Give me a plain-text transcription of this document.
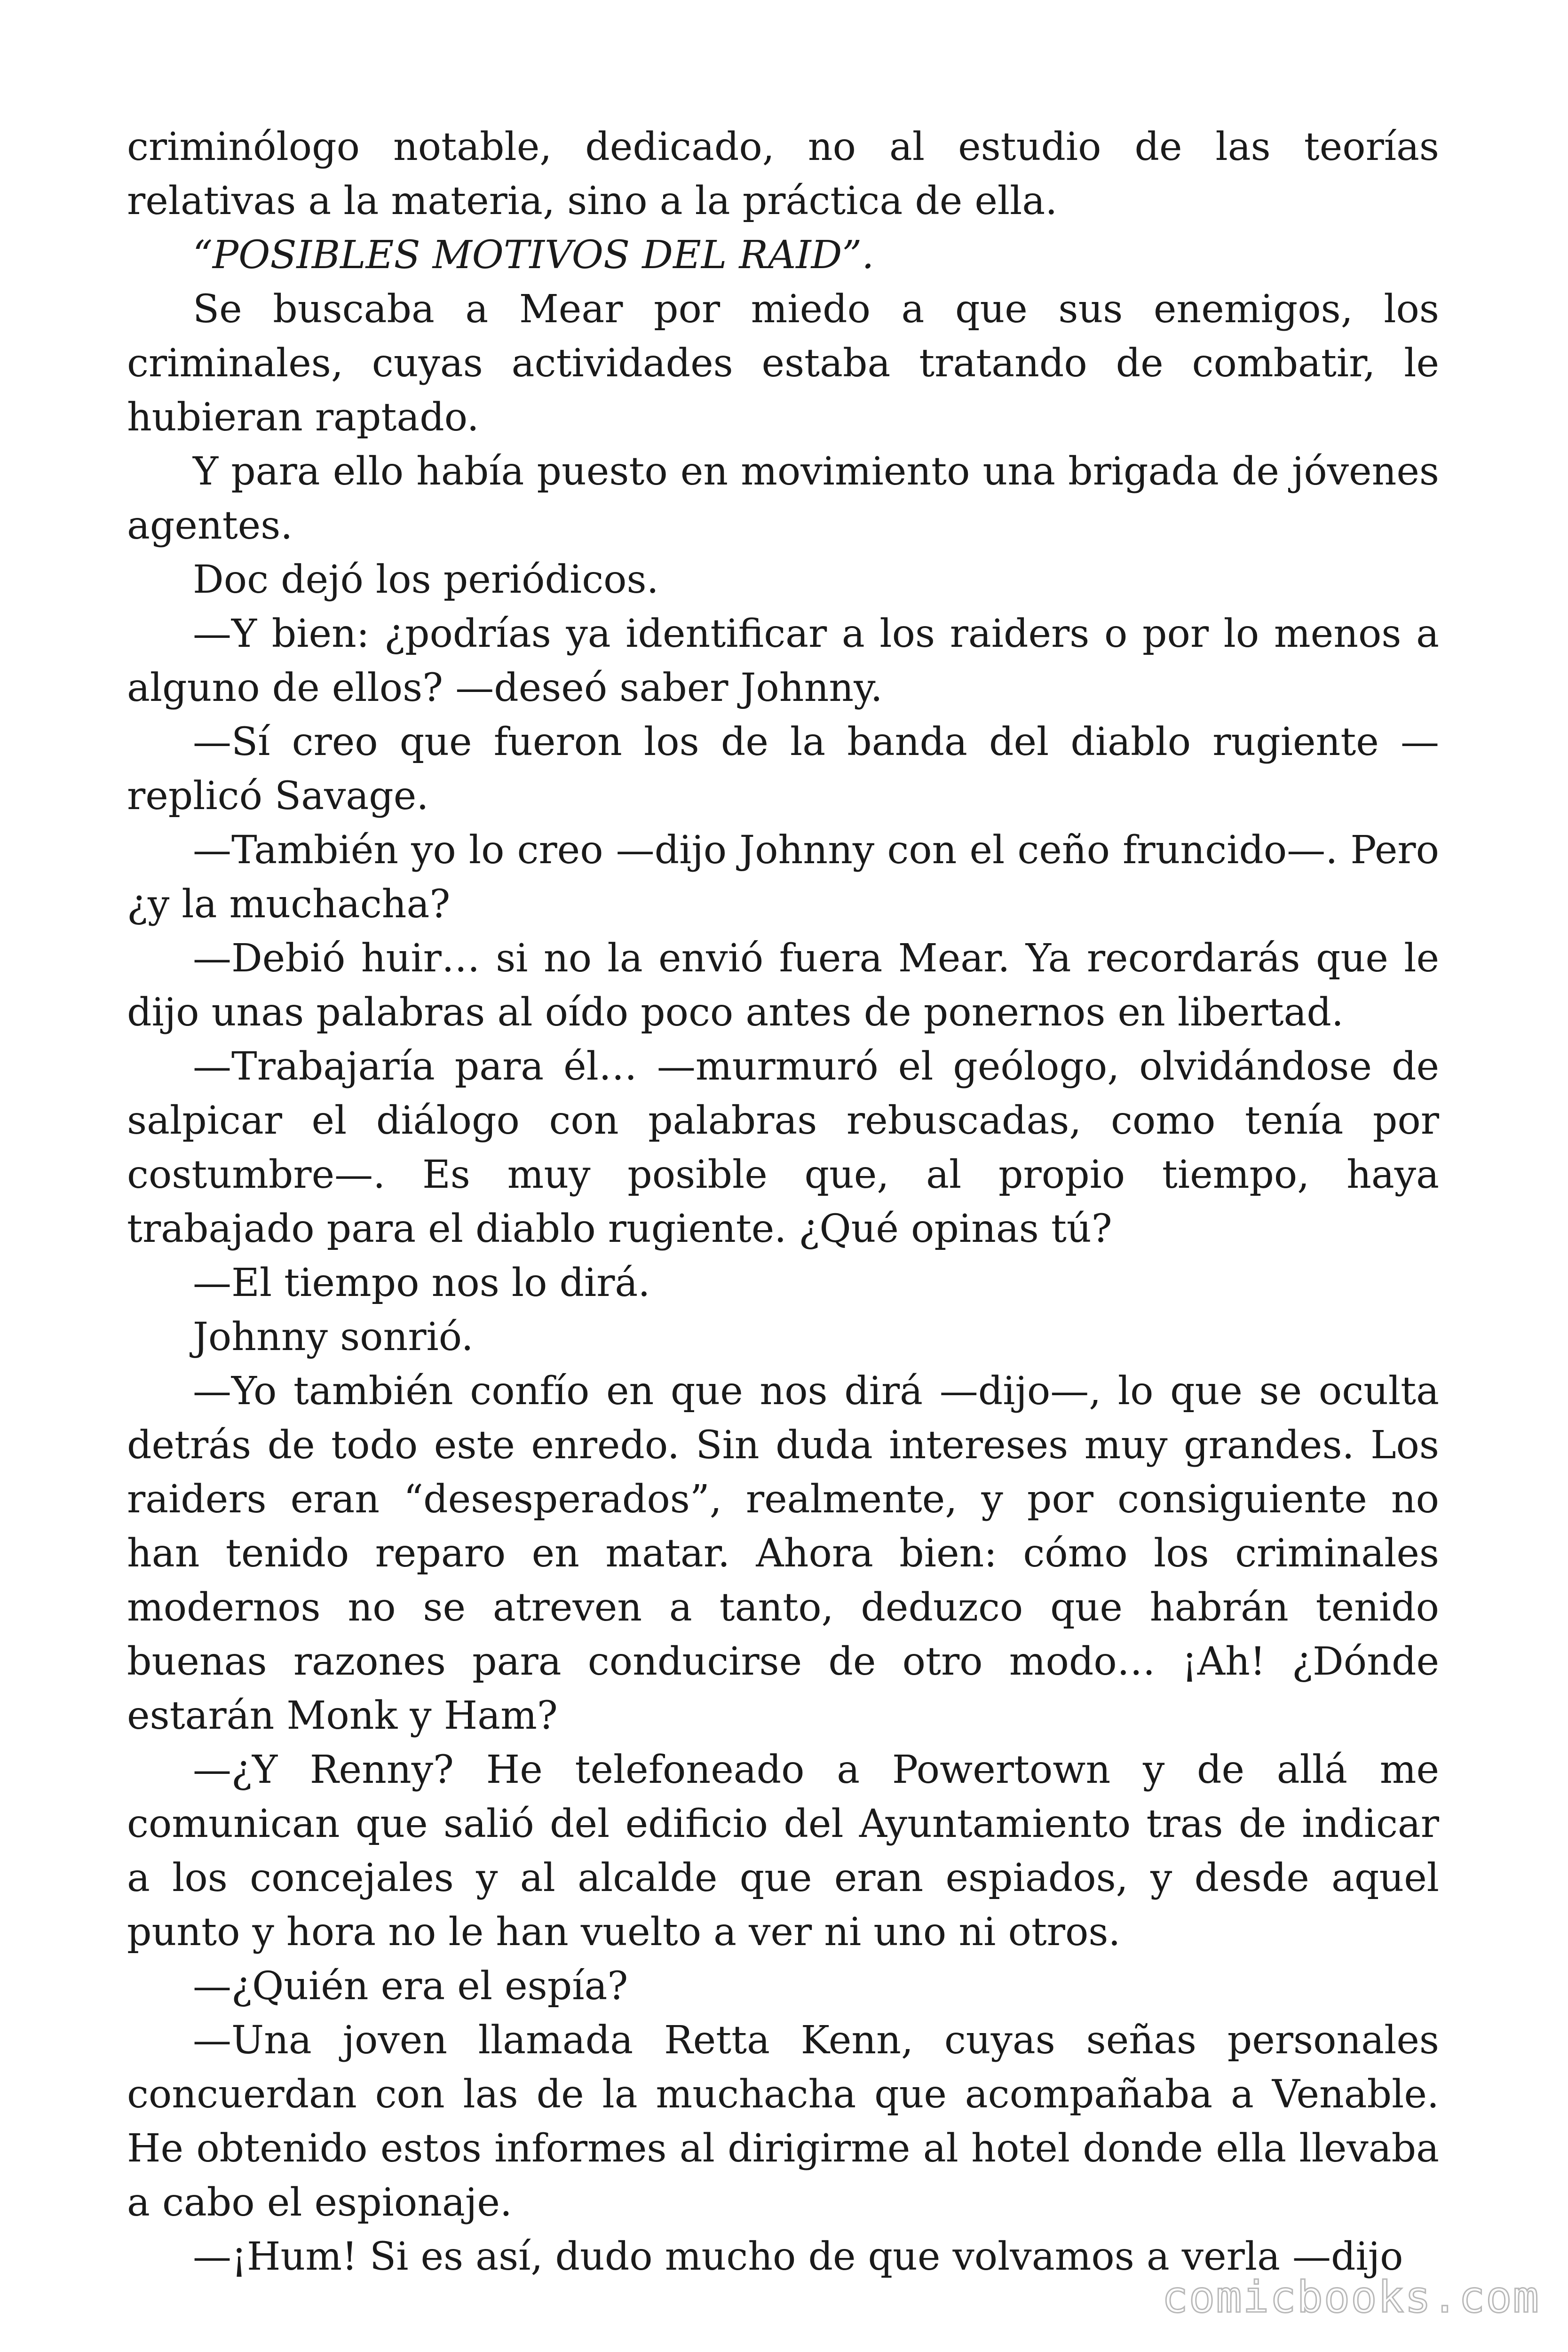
criminólogo notable, dedicado, no al estudio de las teorías relativas a la materia, sino a la práctica de ella.

“POSIBLES MOTIVOS DEL RAID”.

Se buscaba a Mear por miedo a que sus enemigos, los criminales, cuyas actividades estaba tratando de combatir, le hubieran raptado.

Y para ello había puesto en movimiento una brigada de jóvenes agentes.

Doc dejó los periódicos.

—Y bien: ¿podrías ya identificar a los raiders o por lo menos a alguno de ellos? —deseó saber Johnny.

—Sí creo que fueron los de la banda del diablo rugiente — replicó Savage.

—También yo lo creo —dijo Johnny con el ceño fruncido—. Pero ¿y la muchacha?

—Debió huir… si no la envió fuera Mear. Ya recordarás que le dijo unas palabras al oído poco antes de ponernos en libertad.

—Trabajaría para él… —murmuró el geólogo, olvidándose de salpicar el diálogo con palabras rebuscadas, como tenía por costumbre—. Es muy posible que, al propio tiempo, haya trabajado para el diablo rugiente. ¿Qué opinas tú?

—El tiempo nos lo dirá.

Johnny sonrió.

—Yo también confío en que nos dirá —dijo—, lo que se oculta detrás de todo este enredo. Sin duda intereses muy grandes. Los raiders eran “desesperados”, realmente, y por consiguiente no han tenido reparo en matar. Ahora bien: cómo los criminales modernos no se atreven a tanto, deduzco que habrán tenido buenas razones para conducirse de otro modo… ¡Ah! ¿Dónde estarán Monk y Ham?

—¿Y Renny? He telefoneado a Powertown y de allá me comunican que salió del edificio del Ayuntamiento tras de indicar a los concejales y al alcalde que eran espiados, y desde aquel punto y hora no le han vuelto a ver ni uno ni otros.

—¿Quién era el espía?

—Una joven llamada Retta Kenn, cuyas señas personales concuerdan con las de la muchacha que acompañaba a Venable. He obtenido estos informes al dirigirme al hotel donde ella llevaba a cabo el espionaje.

—¡Hum! Si es así, dudo mucho de que volvamos a verla —dijo

comicbooks.com
